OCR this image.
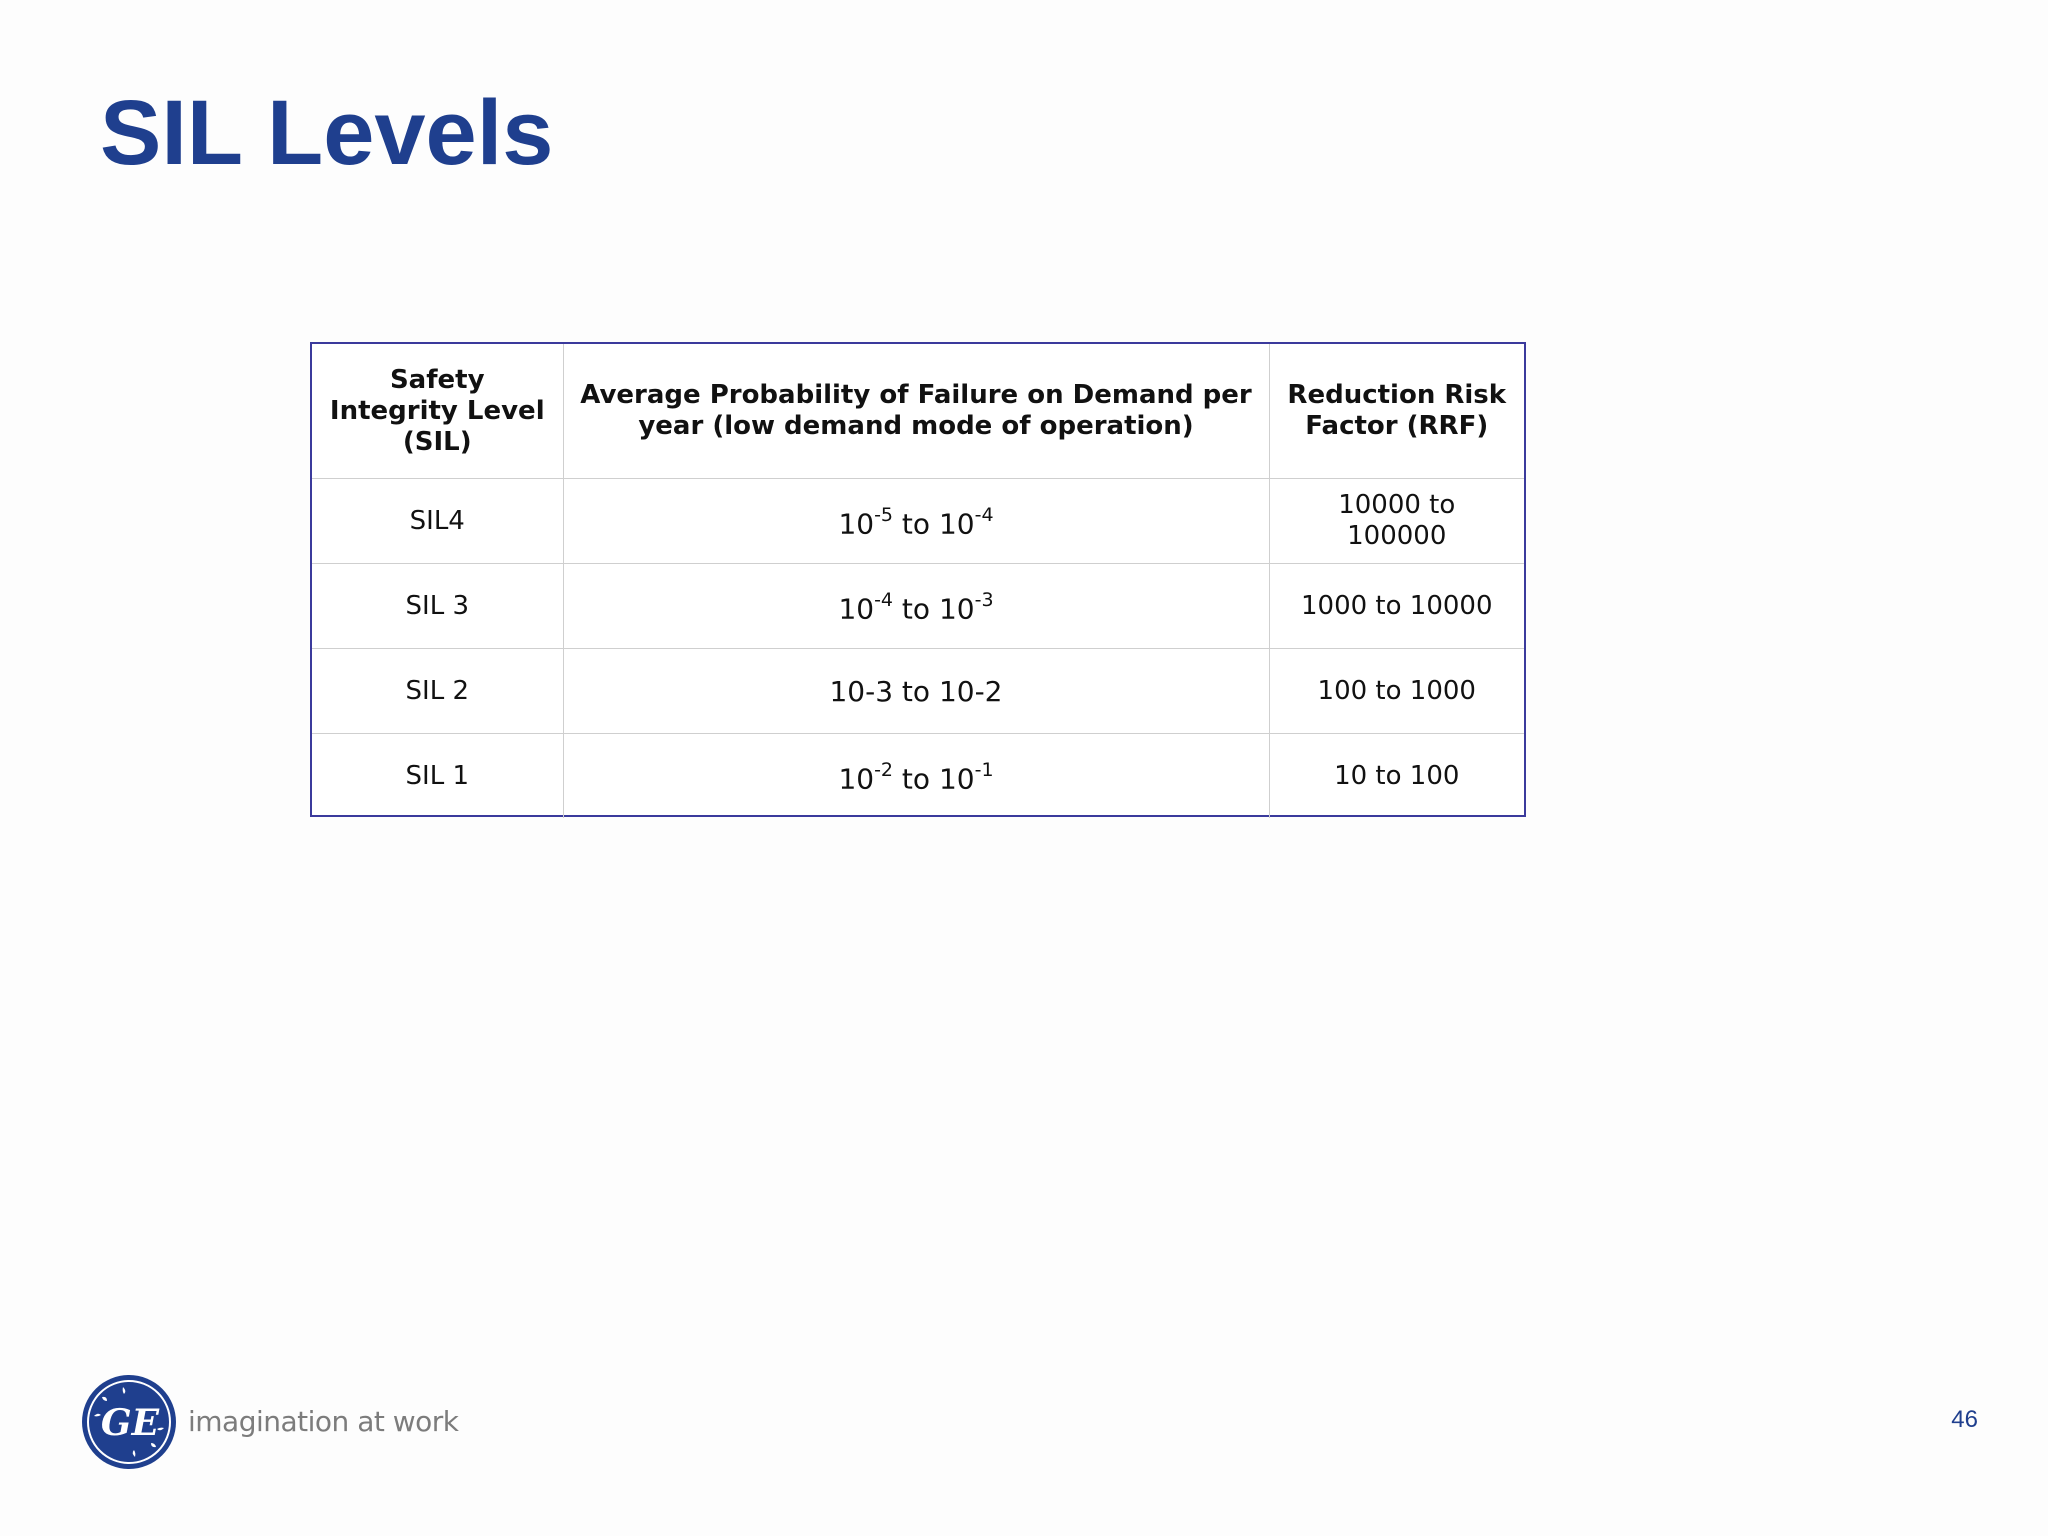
SIL Levels
Safety Integrity Level (SIL)	Average Probability of Failure on Demand per year (low demand mode of operation)	Reduction Risk Factor (RRF)
SIL4	$10^{-5}$ to $10^{-4}$	10000 to 100000
SIL 3	$10^{-4}$ to $10^{-3}$	1000 to 10000
SIL 2	10-3 to 10-2	100 to 1000
SIL 1	$10^{-2}$ to $10^{-1}$	10 to 100
GE imagination at work	46
